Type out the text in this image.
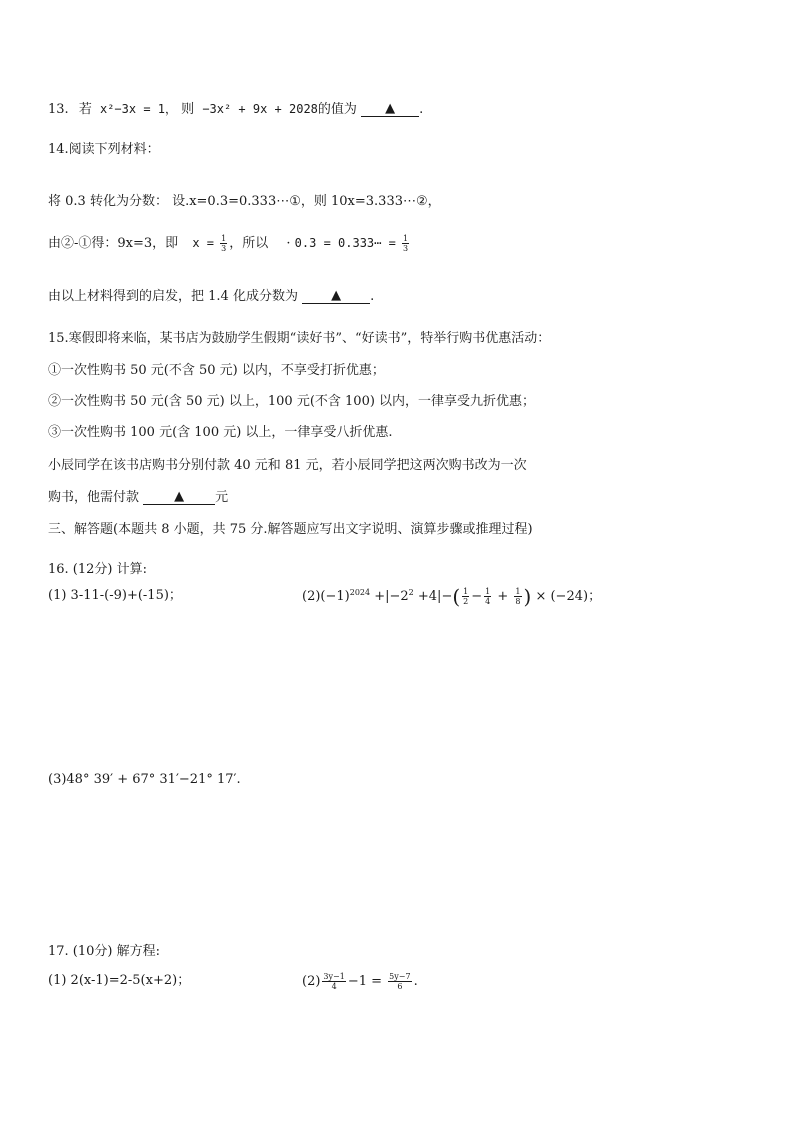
13. 若 x²−3x = 1， 则 −3x² + 9x + 2028的值为 ▲ .
14.阅读下列材料：
将 0.3 转化为分数： 设.x=0.3=0.333⋯①，则 10x=3.333⋯②，
由②-①得：9x=3，即 $x = \frac{1}{3}$ ，所以 · 0.3 = 0.333⋯ = $\frac{1}{3}$
由以上材料得到的启发，把 1.4 化成分数为	▲ .
15.寒假即将来临，某书店为鼓励学生假期“读好书”、“好读书”，特举行购书优惠活动：
①一次性购书 50 元(不含 50 元) 以内，不享受打折优惠；
②一次性购书 50 元(含 50 元) 以上，100 元(不含 100) 以内，一律享受九折优惠；
③一次性购书 100 元(含 100 元) 以上，一律享受八折优惠.
小辰同学在该书店购书分别付款 40 元和 81 元，若小辰同学把这两次购书改为一次
购书，他需付款	▲ 元
三、解答题(本题共 8 小题，共 75 分.解答题应写出文字说明、演算步骤或推理过程)
16. (12分) 计算:
(1) 3-11-(-9)+(-15)；	$(2)(-1)^{2024} +|-2^2 +4|-( \frac{1}{2} - \frac{1}{4} + \frac{1}{8}$ ) × (−24)；
(3)48° 39′ + 67° 31′−21° 17′.
17. (10分) 解方程:
(1) 2(x-1)=2-5(x+2)；	$(2) \frac{3y-1}{4} -1 = \frac{5y-7}{6}$ .
